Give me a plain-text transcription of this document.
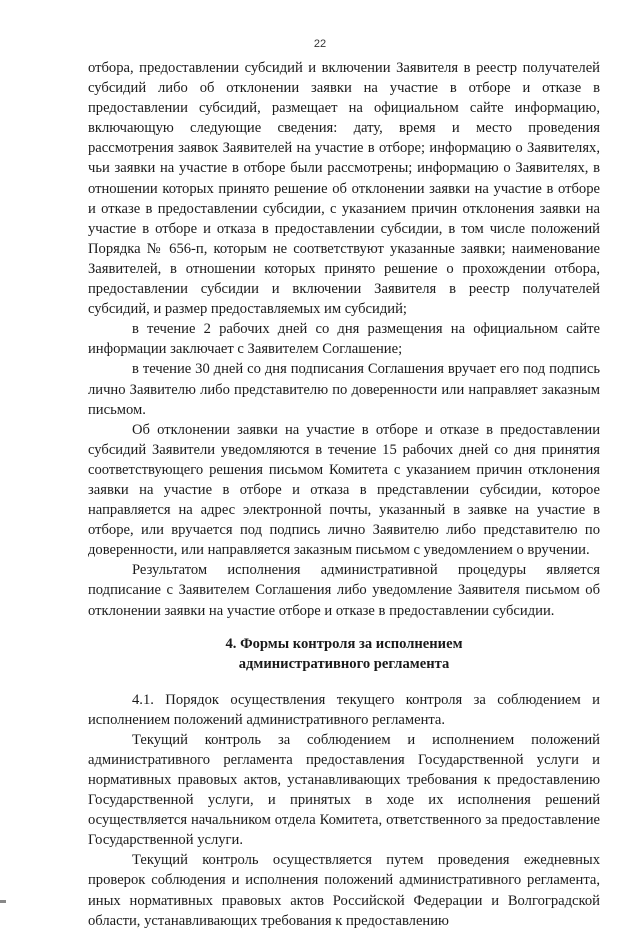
22

отбора, предоставлении субсидий и включении Заявителя в реестр получателей субсидий либо об отклонении заявки на участие в отборе и отказе в предоставлении субсидий, размещает на официальном сайте информацию, включающую следующие сведения: дату, время и место проведения рассмотрения заявок Заявителей на участие в отборе; информацию о Заявителях, чьи заявки на участие в отборе были рассмотрены; информацию о Заявителях, в отношении которых принято решение об отклонении заявки на участие в отборе и отказе в предоставлении субсидии, с указанием причин отклонения заявки на участие в отборе и отказа в предоставлении субсидии, в том числе положений Порядка № 656-п, которым не соответствуют указанные заявки; наименование Заявителей, в отношении которых принято решение о прохождении отбора, предоставлении субсидии и включении Заявителя в реестр получателей субсидий, и размер предоставляемых им субсидий;

в течение 2 рабочих дней со дня размещения на официальном сайте информации заключает с Заявителем Соглашение;

в течение 30 дней со дня подписания Соглашения вручает его под подпись лично Заявителю либо представителю по доверенности или направляет заказным письмом.

Об отклонении заявки на участие в отборе и отказе в предоставлении субсидий Заявители уведомляются в течение 15 рабочих дней со дня принятия соответствующего решения письмом Комитета с указанием причин отклонения заявки на участие в отборе и отказа в представлении субсидии, которое направляется на адрес электронной почты, указанный в заявке на участие в отборе, или вручается под подпись лично Заявителю либо представителю по доверенности, или направляется заказным письмом с уведомлением о вручении.

Результатом исполнения административной процедуры является подписание с Заявителем Соглашения либо уведомление Заявителя письмом об отклонении заявки на участие отборе и отказе в предоставлении субсидии.

4. Формы контроля за исполнением
административного регламента

4.1. Порядок осуществления текущего контроля за соблюдением и исполнением положений административного регламента.

Текущий контроль за соблюдением и исполнением положений административного регламента предоставления Государственной услуги и нормативных правовых актов, устанавливающих требования к предоставлению Государственной услуги, и принятых в ходе их исполнения решений осуществляется начальником отдела Комитета, ответственного за предоставление Государственной услуги.

Текущий контроль осуществляется путем проведения ежедневных проверок соблюдения и исполнения положений административного регламента, иных нормативных правовых актов Российской Федерации и Волгоградской области, устанавливающих требования к предоставлению
